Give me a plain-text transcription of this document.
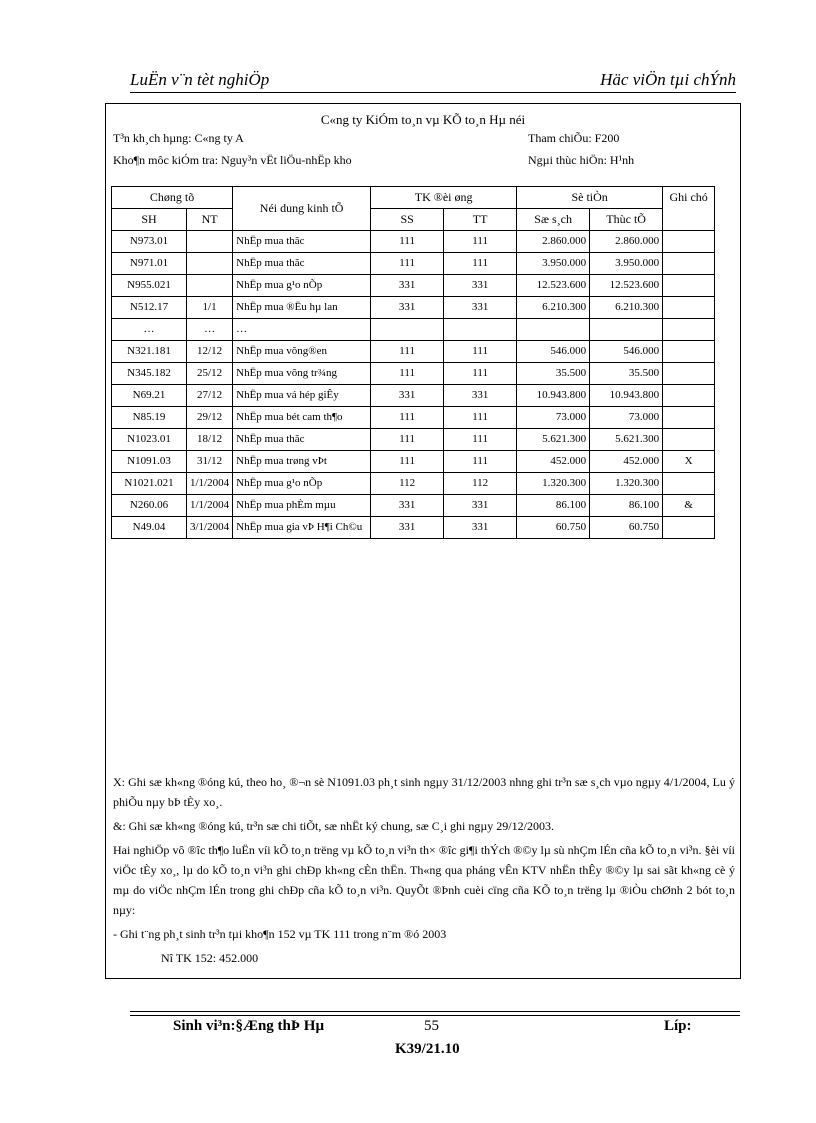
LuËn v¨n tèt nghiÖp	Häc viÖn tµi chÝnh
C«ng ty KiÓm to¸n vµ KÕ to¸n Hµ néi
T³n kh¸ch hµng: C«ng ty A	Tham chiÕu: F200
Kho¶n môc kiÓm tra: Nguy³n vËt liÖu-nhËp kho	Ngµi thùc hiÖn: H¹nh
Chøng tõ		Néi dung kinh tÕ	TK ®èi øng		Sè tiÒn		Ghi chó
SH	NT		SS	TT	Sæ s¸ch	Thùc tÕ	
N973.01		NhËp mua thãc	111	111	2.860.000	2.860.000	
N971.01		NhËp mua thãc	111	111	3.950.000	3.950.000	
N955.021		NhËp mua g¹o nÕp	331	331	12.523.600	12.523.600	
N512.17	1/1	NhËp mua ®Ëu hµ lan	331	331	6.210.300	6.210.300	
…	…	…					
N321.181	12/12	NhËp mua võng®en	111	111	546.000	546.000	
N345.182	25/12	NhËp mua võng tr¾ng	111	111	35.500	35.500	
N69.21	27/12	NhËp mua vá hép giÊy	331	331	10.943.800	10.943.800	
N85.19	29/12	NhËp mua bét cam th¶o	111	111	73.000	73.000	
N1023.01	18/12	NhËp mua thãc	111	111	5.621.300	5.621.300	
N1091.03	31/12	NhËp mua trøng vÞt	111	111	452.000	452.000	X
N1021.021	1/1/2004	NhËp mua g¹o nÕp	112	112	1.320.300	1.320.300	
N260.06	1/1/2004	NhËp mua phÈm mµu	331	331	86.100	86.100	&
N49.04	3/1/2004	NhËp mua gia vÞ H¶i Ch©u	331	331	60.750	60.750	

X: Ghi sæ kh«ng ®óng kú, theo ho¸ ®¬n sè N1091.03 ph¸t sinh ngµy 31/12/2003 nhng ghi tr³n sæ s¸ch vµo ngµy 4/1/2004, Lu ý phiÕu nµy bÞ tÈy xo¸.

&: Ghi sæ kh«ng ®óng kú, tr³n sæ chi tiÕt, sæ nhËt ký chung, sæ C¸i ghi ngµy 29/12/2003.

Hai nghiÖp vô ®îc th¶o luËn víi kÕ to¸n trëng vµ kÕ to¸n vi³n th× ®îc gi¶i thÝch ®©y lµ sù nhÇm lÉn cña kÕ to¸n vi³n. §èi víi viÖc tÈy xo¸, lµ do kÕ to¸n vi³n ghi chÐp kh«ng cÈn thËn. Th«ng qua pháng vÊn KTV nhËn thÊy ®©y lµ sai sãt kh«ng cè ý mµ do viÖc nhÇm lÉn trong ghi chÐp cña kÕ to¸n vi³n. QuyÕt ®Þnh cuèi cïng cña KÕ to¸n trëng lµ ®iÒu chØnh 2 bót to¸n nµy:

- Ghi t¨ng ph¸t sinh tr³n tµi kho¶n 152 vµ TK 111 trong n¨m ®ó 2003

Nî TK 152: 452.000

Sinh vi³n:§Æng thÞ Hµ	55	Líp:
K39/21.10
